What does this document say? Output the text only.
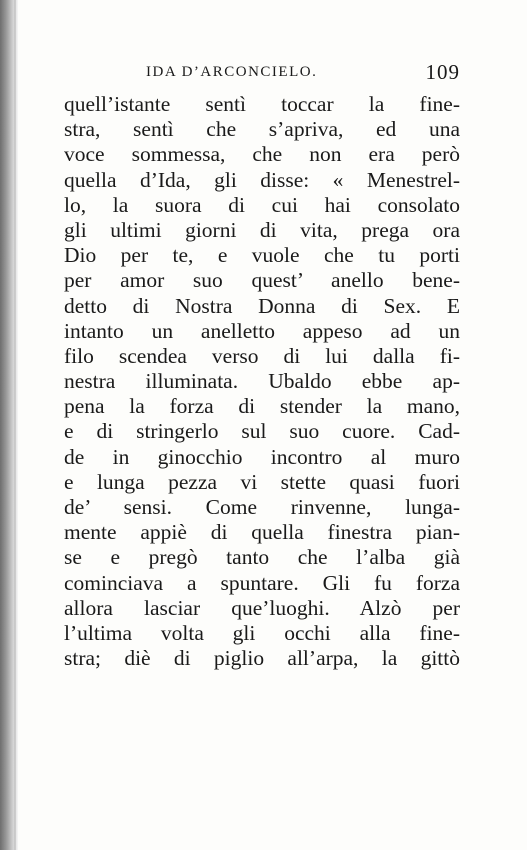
IDA D’ARCONCIELO.	109
quell’istante sentì toccar la fine-
stra, sentì che s’apriva, ed una
voce sommessa, che non era però
quella d’Ida, gli disse: « Menestrel-
lo, la suora di cui hai consolato
gli ultimi giorni di vita, prega ora
Dio per te, e vuole che tu porti
per amor suo quest’ anello bene-
detto di Nostra Donna di Sex. E
intanto un anelletto appeso ad un
filo scendea verso di lui dalla fi-
nestra illuminata. Ubaldo ebbe ap-
pena la forza di stender la mano,
e di stringerlo sul suo cuore. Cad-
de in ginocchio incontro al muro
e lunga pezza vi stette quasi fuori
de’ sensi. Come rinvenne, lunga-
mente appiè di quella finestra pian-
se e pregò tanto che l’alba già
cominciava a spuntare. Gli fu forza
allora lasciar que’luoghi. Alzò per
l’ultima volta gli occhi alla fine-
stra; diè di piglio all’arpa, la gittò
